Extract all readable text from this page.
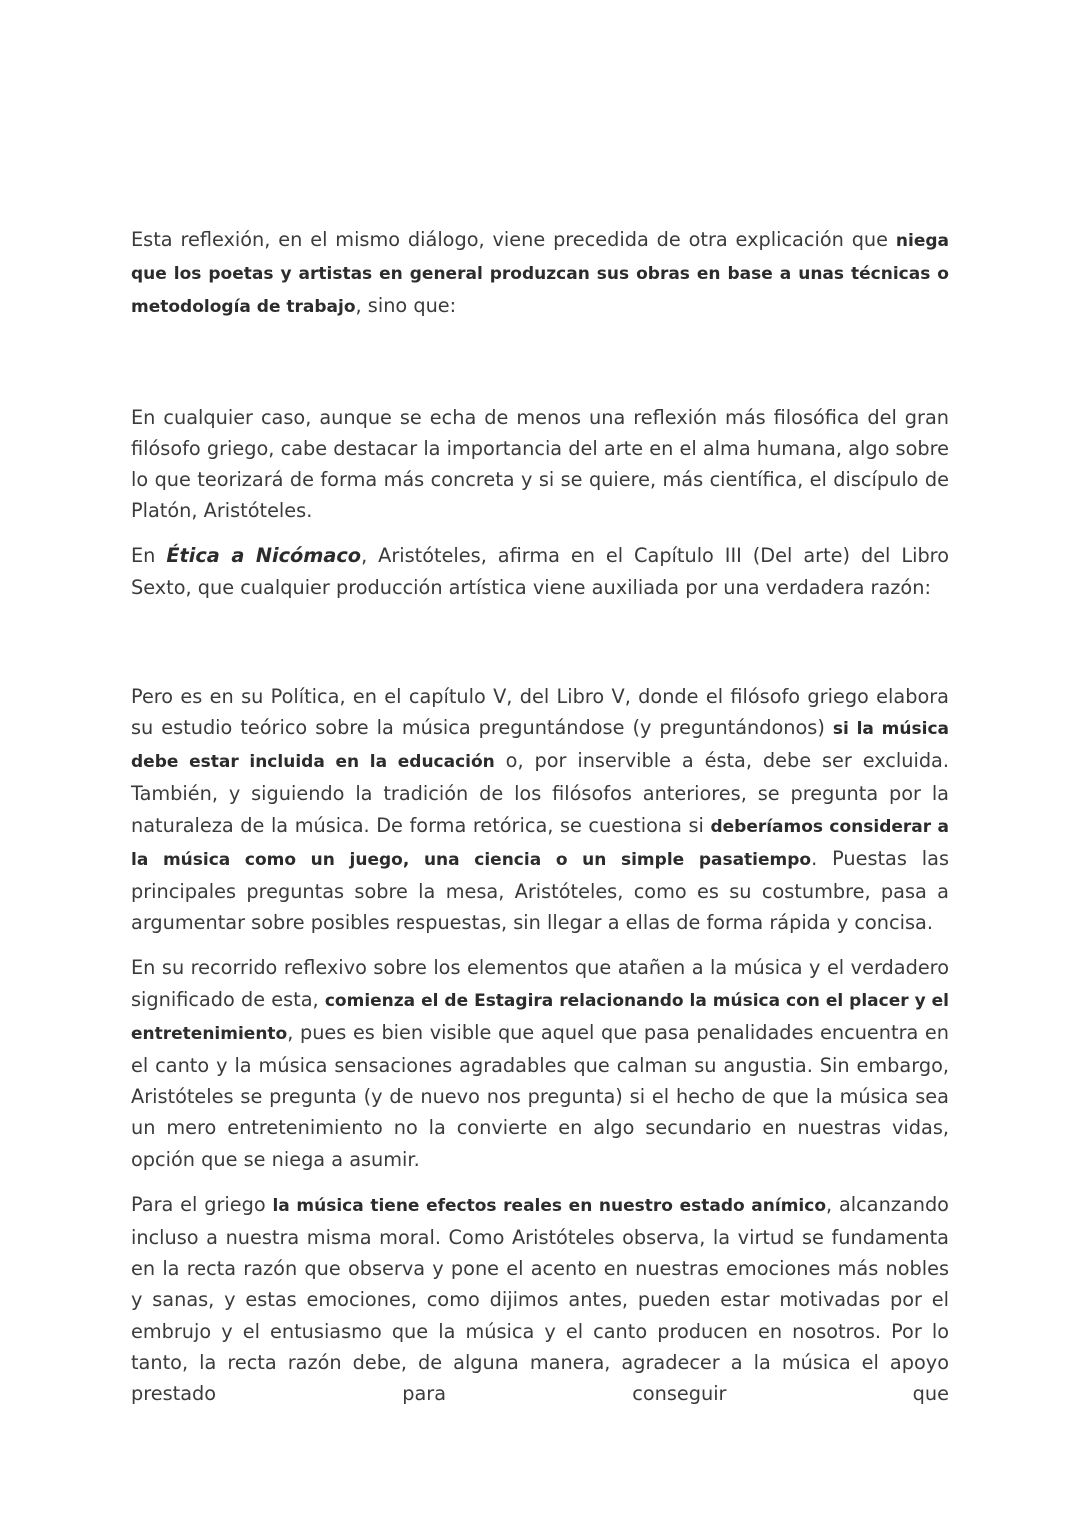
Esta reflexión, en el mismo diálogo, viene precedida de otra explicación que niega que los poetas y artistas en general produzcan sus obras en base a unas técnicas o metodología de trabajo, sino que:

En cualquier caso, aunque se echa de menos una reflexión más filosófica del gran filósofo griego, cabe destacar la importancia del arte en el alma humana, algo sobre lo que teorizará de forma más concreta y si se quiere, más científica, el discípulo de Platón, Aristóteles.

En Ética a Nicómaco, Aristóteles, afirma en el Capítulo III (Del arte) del Libro Sexto, que cualquier producción artística viene auxiliada por una verdadera razón:

Pero es en su Política, en el capítulo V, del Libro V, donde el filósofo griego elabora su estudio teórico sobre la música preguntándose (y preguntándonos) si la música debe estar incluida en la educación o, por inservible a ésta, debe ser excluida. También, y siguiendo la tradición de los filósofos anteriores, se pregunta por la naturaleza de la música. De forma retórica, se cuestiona si deberíamos considerar a la música como un juego, una ciencia o un simple pasatiempo. Puestas las principales preguntas sobre la mesa, Aristóteles, como es su costumbre, pasa a argumentar sobre posibles respuestas, sin llegar a ellas de forma rápida y concisa.

En su recorrido reflexivo sobre los elementos que atañen a la música y el verdadero significado de esta, comienza el de Estagira relacionando la música con el placer y el entretenimiento, pues es bien visible que aquel que pasa penalidades encuentra en el canto y la música sensaciones agradables que calman su angustia. Sin embargo, Aristóteles se pregunta (y de nuevo nos pregunta) si el hecho de que la música sea un mero entretenimiento no la convierte en algo secundario en nuestras vidas, opción que se niega a asumir.

Para el griego la música tiene efectos reales en nuestro estado anímico, alcanzando incluso a nuestra misma moral. Como Aristóteles observa, la virtud se fundamenta en la recta razón que observa y pone el acento en nuestras emociones más nobles y sanas, y estas emociones, como dijimos antes, pueden estar motivadas por el embrujo y el entusiasmo que la música y el canto producen en nosotros. Por lo tanto, la recta razón debe, de alguna manera, agradecer a la música el apoyo prestado para conseguir que
